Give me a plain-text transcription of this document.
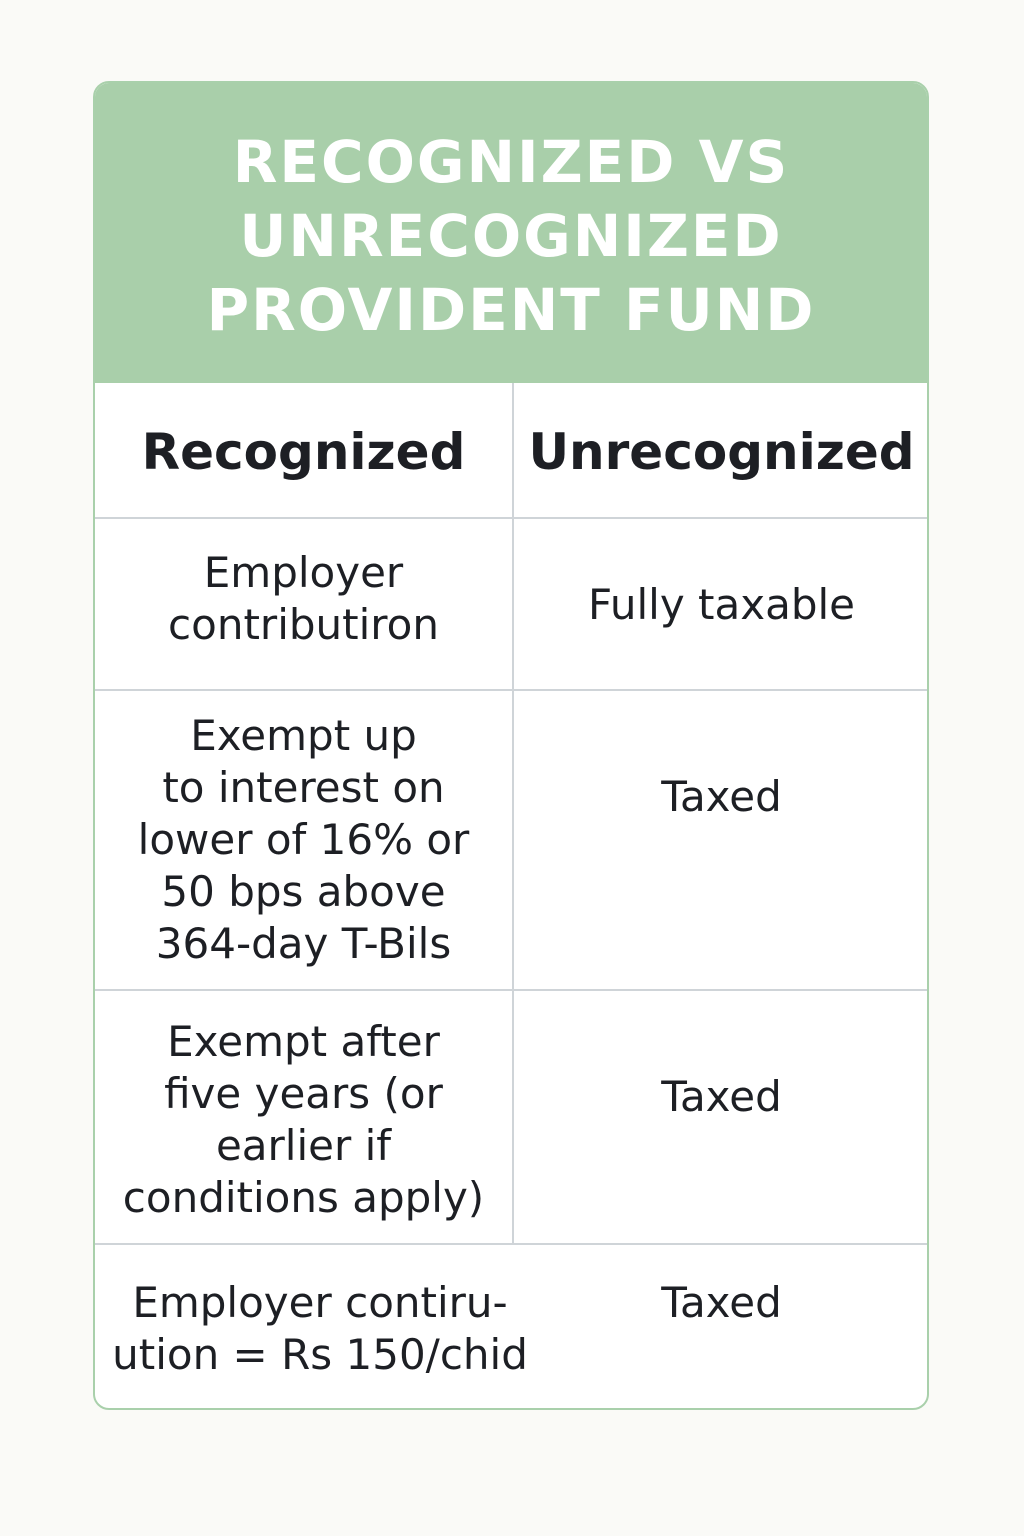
RECOGNIZED VS
UNRECOGNIZED
PROVIDENT FUND
Recognized	Unrecognized
Employer
contributiron	Fully taxable
Exempt up
to interest on
lower of 16% or
50 bps above
364-day T-Bils
Taxed
Exempt after
five years (or
earlier if
conditions apply)
Taxed
Employer contiru-
ution = Rs 150/chid
Taxed
